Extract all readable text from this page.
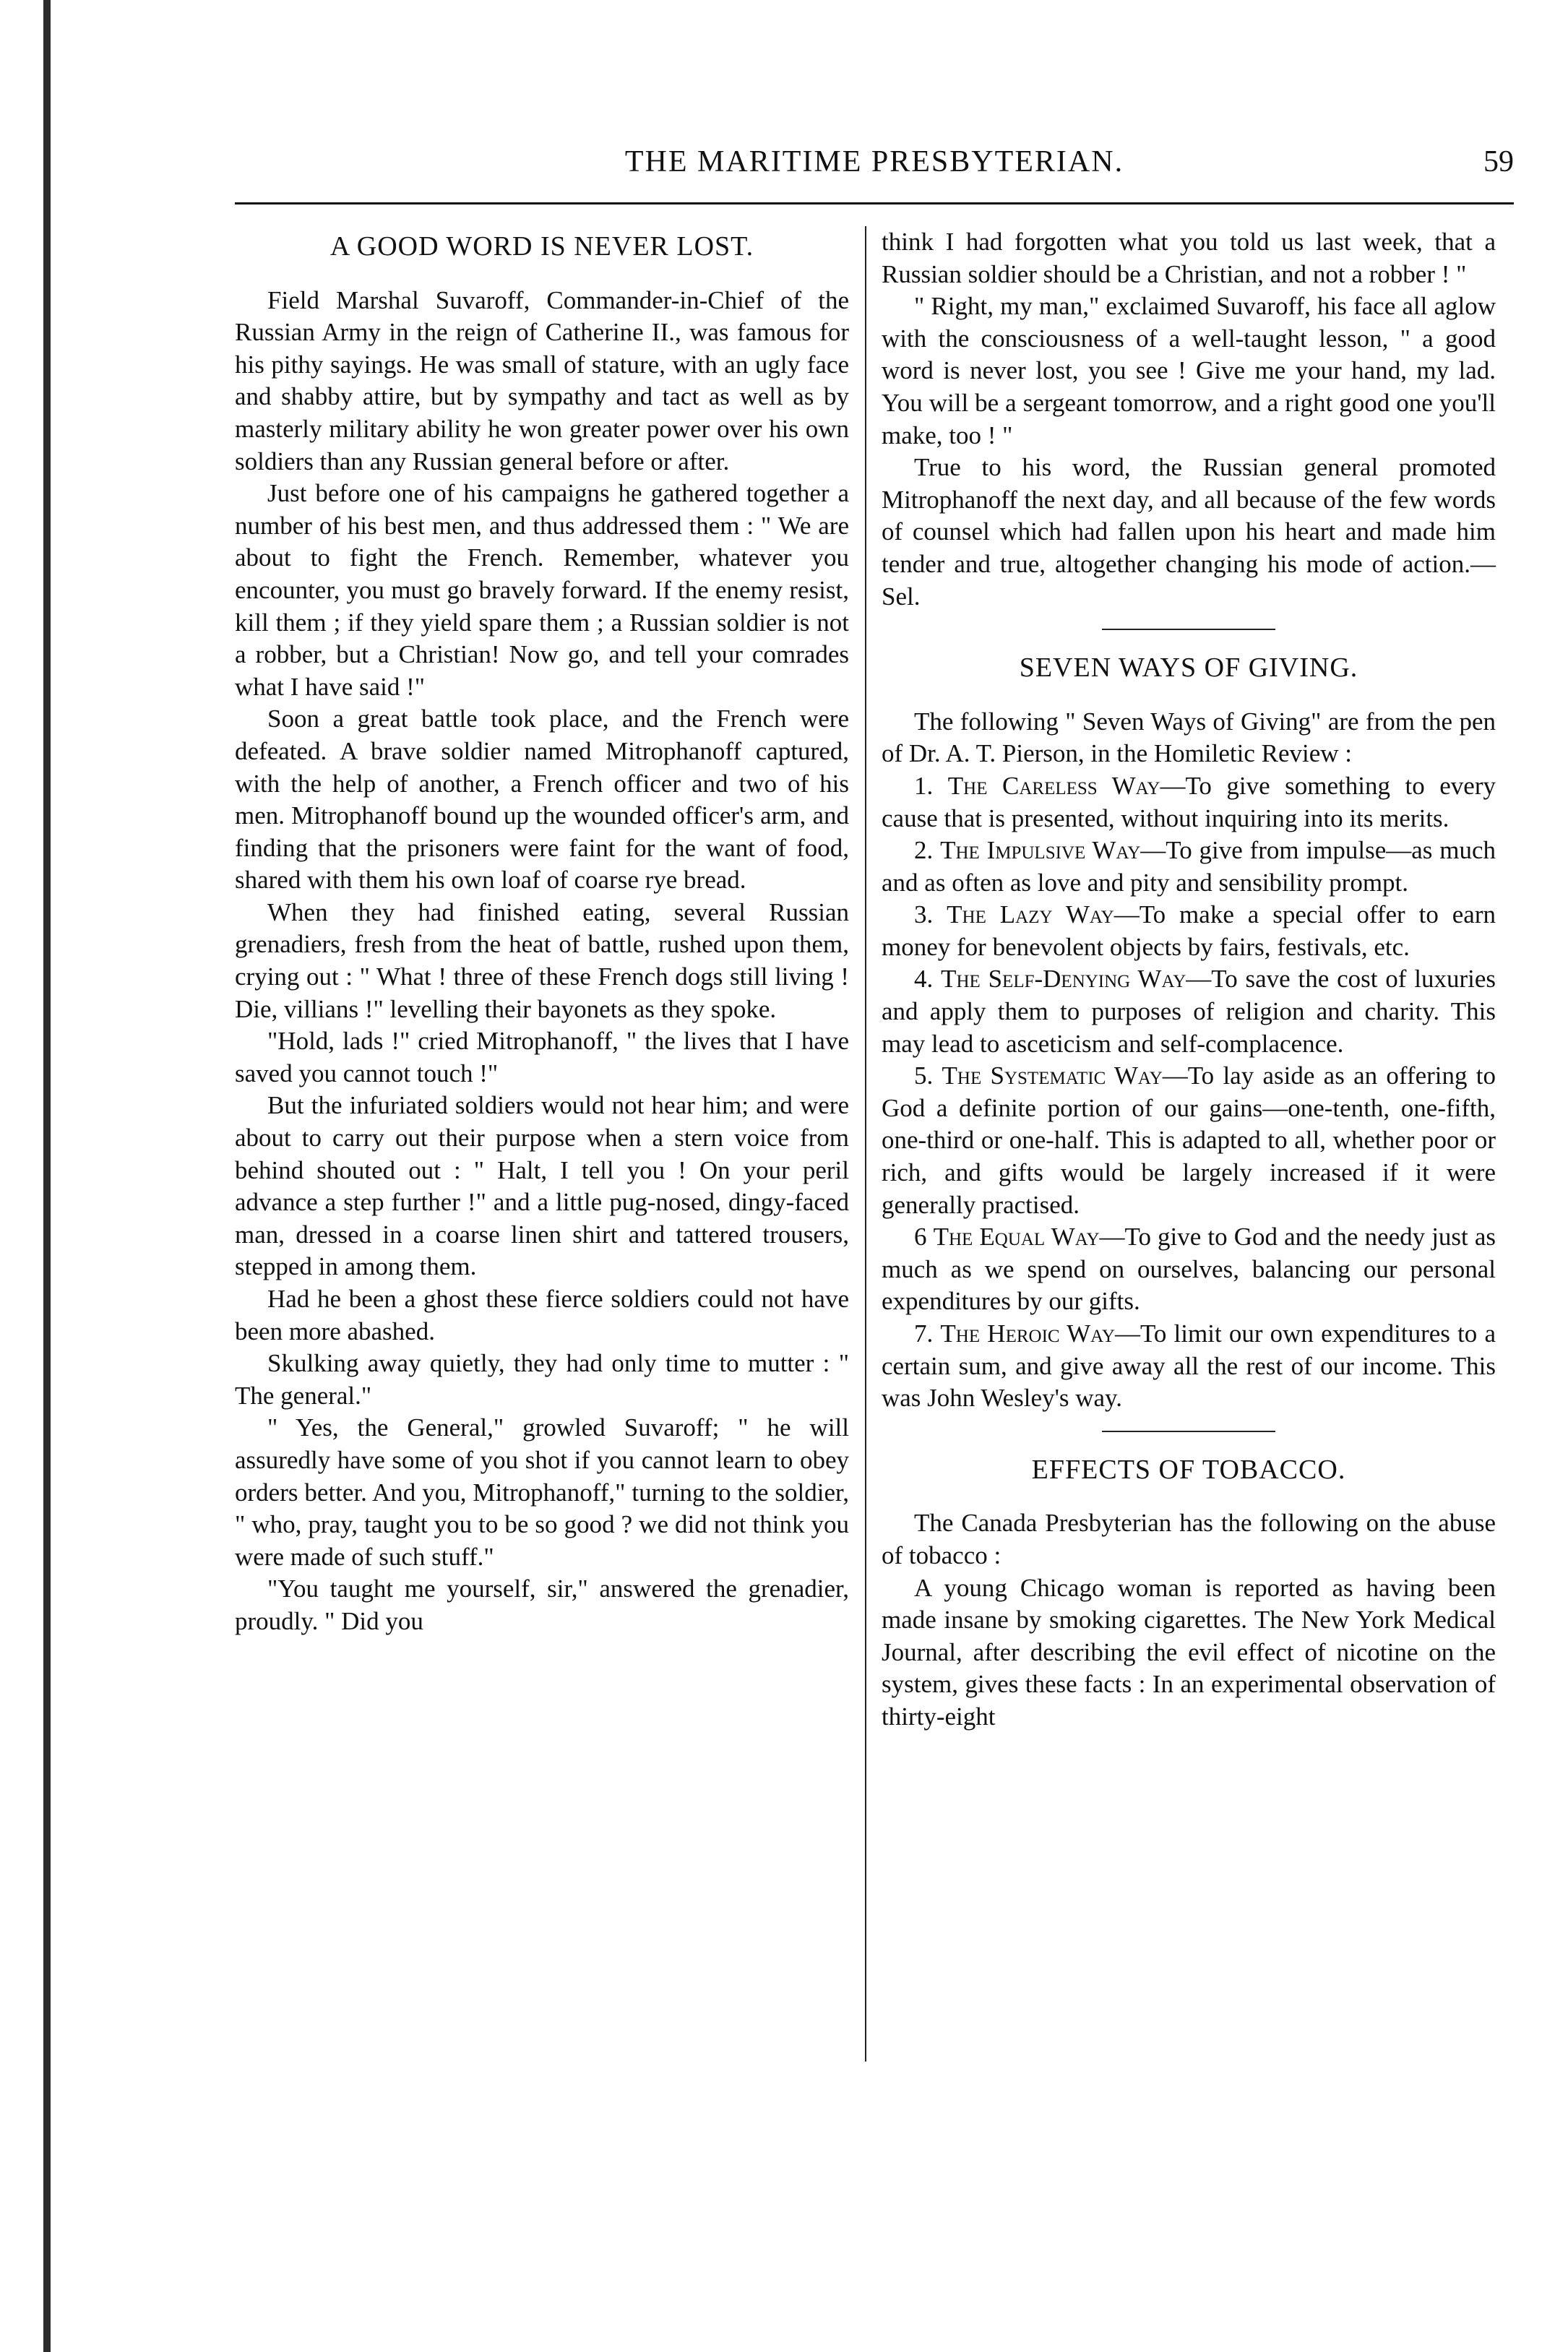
THE MARITIME PRESBYTERIAN.	59
A GOOD WORD IS NEVER LOST.

Field Marshal Suvaroff, Commander-in-Chief of the Russian Army in the reign of Catherine II., was famous for his pithy sayings. He was small of stature, with an ugly face and shabby attire, but by sympathy and tact as well as by masterly military ability he won greater power over his own soldiers than any Russian general before or after.

Just before one of his campaigns he gathered together a number of his best men, and thus addressed them : " We are about to fight the French. Remember, whatever you encounter, you must go bravely forward. If the enemy resist, kill them ; if they yield spare them ; a Russian soldier is not a robber, but a Christian! Now go, and tell your comrades what I have said !"

Soon a great battle took place, and the French were defeated. A brave soldier named Mitrophanoff captured, with the help of another, a French officer and two of his men. Mitrophanoff bound up the wounded officer's arm, and finding that the prisoners were faint for the want of food, shared with them his own loaf of coarse rye bread.

When they had finished eating, several Russian grenadiers, fresh from the heat of battle, rushed upon them, crying out : " What ! three of these French dogs still living ! Die, villians !" levelling their bayonets as they spoke.

"Hold, lads !" cried Mitrophanoff, " the lives that I have saved you cannot touch !"

But the infuriated soldiers would not hear him; and were about to carry out their purpose when a stern voice from behind shouted out : " Halt, I tell you ! On your peril advance a step further !" and a little pug-nosed, dingy-faced man, dressed in a coarse linen shirt and tattered trousers, stepped in among them.

Had he been a ghost these fierce soldiers could not have been more abashed.

Skulking away quietly, they had only time to mutter : " The general."

" Yes, the General," growled Suvaroff; " he will assuredly have some of you shot if you cannot learn to obey orders better. And you, Mitrophanoff," turning to the soldier, " who, pray, taught you to be so good ? we did not think you were made of such stuff."

"You taught me yourself, sir," answered the grenadier, proudly. " Did you

think I had forgotten what you told us last week, that a Russian soldier should be a Christian, and not a robber ! "

" Right, my man," exclaimed Suvaroff, his face all aglow with the consciousness of a well-taught lesson, " a good word is never lost, you see ! Give me your hand, my lad. You will be a sergeant tomorrow, and a right good one you'll make, too ! "

True to his word, the Russian general promoted Mitrophanoff the next day, and all because of the few words of counsel which had fallen upon his heart and made him tender and true, altogether changing his mode of action.—Sel.

SEVEN WAYS OF GIVING.

The following " Seven Ways of Giving" are from the pen of Dr. A. T. Pierson, in the Homiletic Review :

1. The Careless Way—To give something to every cause that is presented, without inquiring into its merits.

2. The Impulsive Way—To give from impulse—as much and as often as love and pity and sensibility prompt.

3. The Lazy Way—To make a special offer to earn money for benevolent objects by fairs, festivals, etc.

4. The Self-Denying Way—To save the cost of luxuries and apply them to purposes of religion and charity. This may lead to asceticism and self-complacence.

5. The Systematic Way—To lay aside as an offering to God a definite portion of our gains—one-tenth, one-fifth, one-third or one-half. This is adapted to all, whether poor or rich, and gifts would be largely increased if it were generally practised.

6 The Equal Way—To give to God and the needy just as much as we spend on ourselves, balancing our personal expenditures by our gifts.

7. The Heroic Way—To limit our own expenditures to a certain sum, and give away all the rest of our income. This was John Wesley's way.

EFFECTS OF TOBACCO.

The Canada Presbyterian has the following on the abuse of tobacco :

A young Chicago woman is reported as having been made insane by smoking cigarettes. The New York Medical Journal, after describing the evil effect of nicotine on the system, gives these facts : In an experimental observation of thirty-eight
